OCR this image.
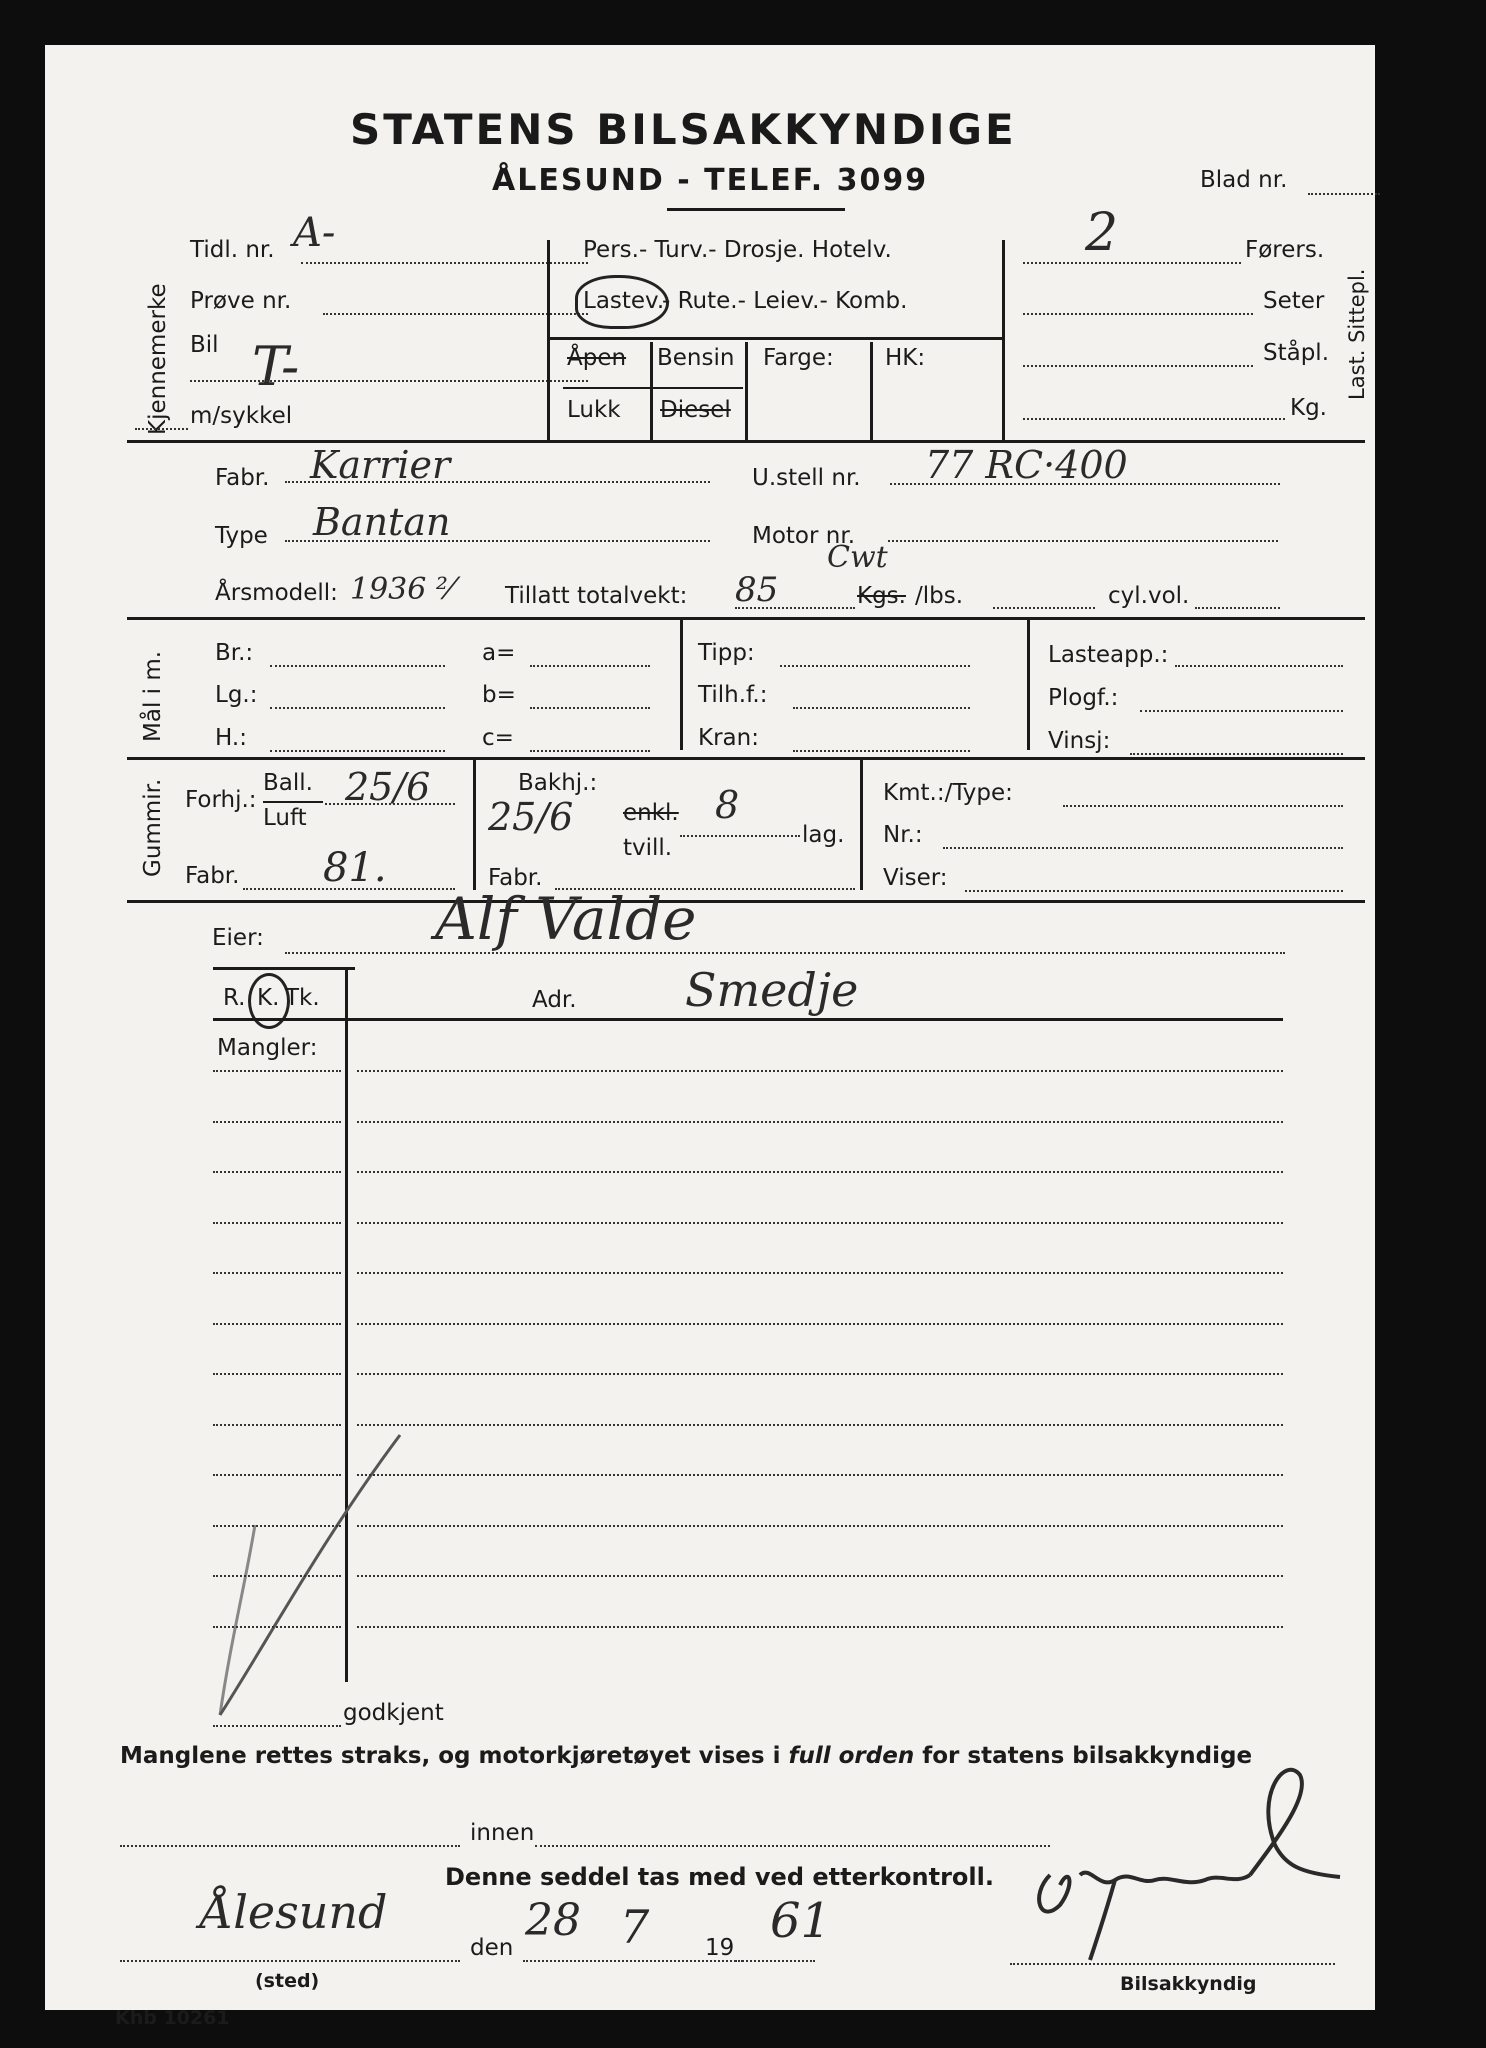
STATENS BILSAKKYNDIGE
ÅLESUND - TELEF. 3099	Blad nr.
Kjennemerke
Tidl. nr. A-
Prøve nr.
Bil T-
m/sykkel
Pers.- Turv.- Drosje. Hotelv.
Lastev.
- Rute.- Leiev.- Komb.
Åpen Bensin Farge: HK:
Lukk Diesel
2	Førers.
Seter
Ståpl.
Kg.
Last. Sittepl.
Fabr. Karrier	U.stell nr. 77 RC·400
Type Bantan	Motor nr.
Årsmodell: 1936 ²⁄ Tillatt totalvekt: 85
Cwt
Kgs. /lbs.	cyl.vol.
Mål i m. Br.:
Lg.:
H.:
a=
b=
c=
Tipp:
Tilh.f.:
Kran:
Lasteapp.:
Plogf.:
Vinsj:
Gummir. Forhj.:
Ball.
Luft
25/6
Fabr. 81.
Bakhj.:
25/6 enkl. 8
tvill.	lag.
Fabr.
Kmt.:/Type:
Nr.:
Viser:
Eier:	Alf Valde
R. K. Tk.	Adr. Smedje
Mangler:
godkjent
Manglene rettes straks, og motorkjøretøyet vises i full orden for statens bilsakkyndige
innen
Denne seddel tas med ved etterkontroll.
Ålesund
den
28 7 19 61
(sted)	Bilsakkyndig
Khb 10261
